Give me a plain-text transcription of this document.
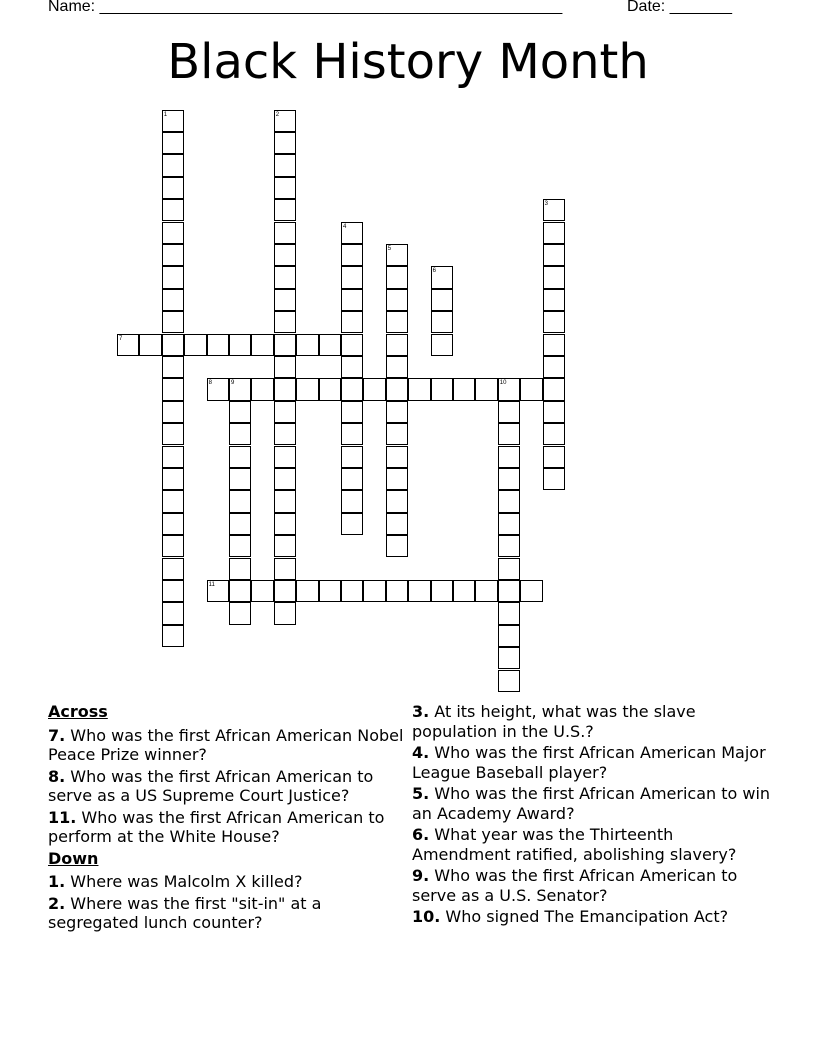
Name: ____________________________________________________	Date: _______
Black History Month
1	2
3
4
5
6
7
8	9	10
11
Across
7. Who was the first African American Nobel Peace Prize winner?
8. Who was the first African American to serve as a US Supreme Court Justice?
11. Who was the first African American to perform at the White House?
Down
1. Where was Malcolm X killed?
2. Where was the first "sit-in" at a segregated lunch counter?
3. At its height, what was the slave population in the U.S.?
4. Who was the first African American Major League Baseball player?
5. Who was the first African American to win an Academy Award?
6. What year was the Thirteenth Amendment ratified, abolishing slavery?
9. Who was the first African American to serve as a U.S. Senator?
10. Who signed The Emancipation Act?
